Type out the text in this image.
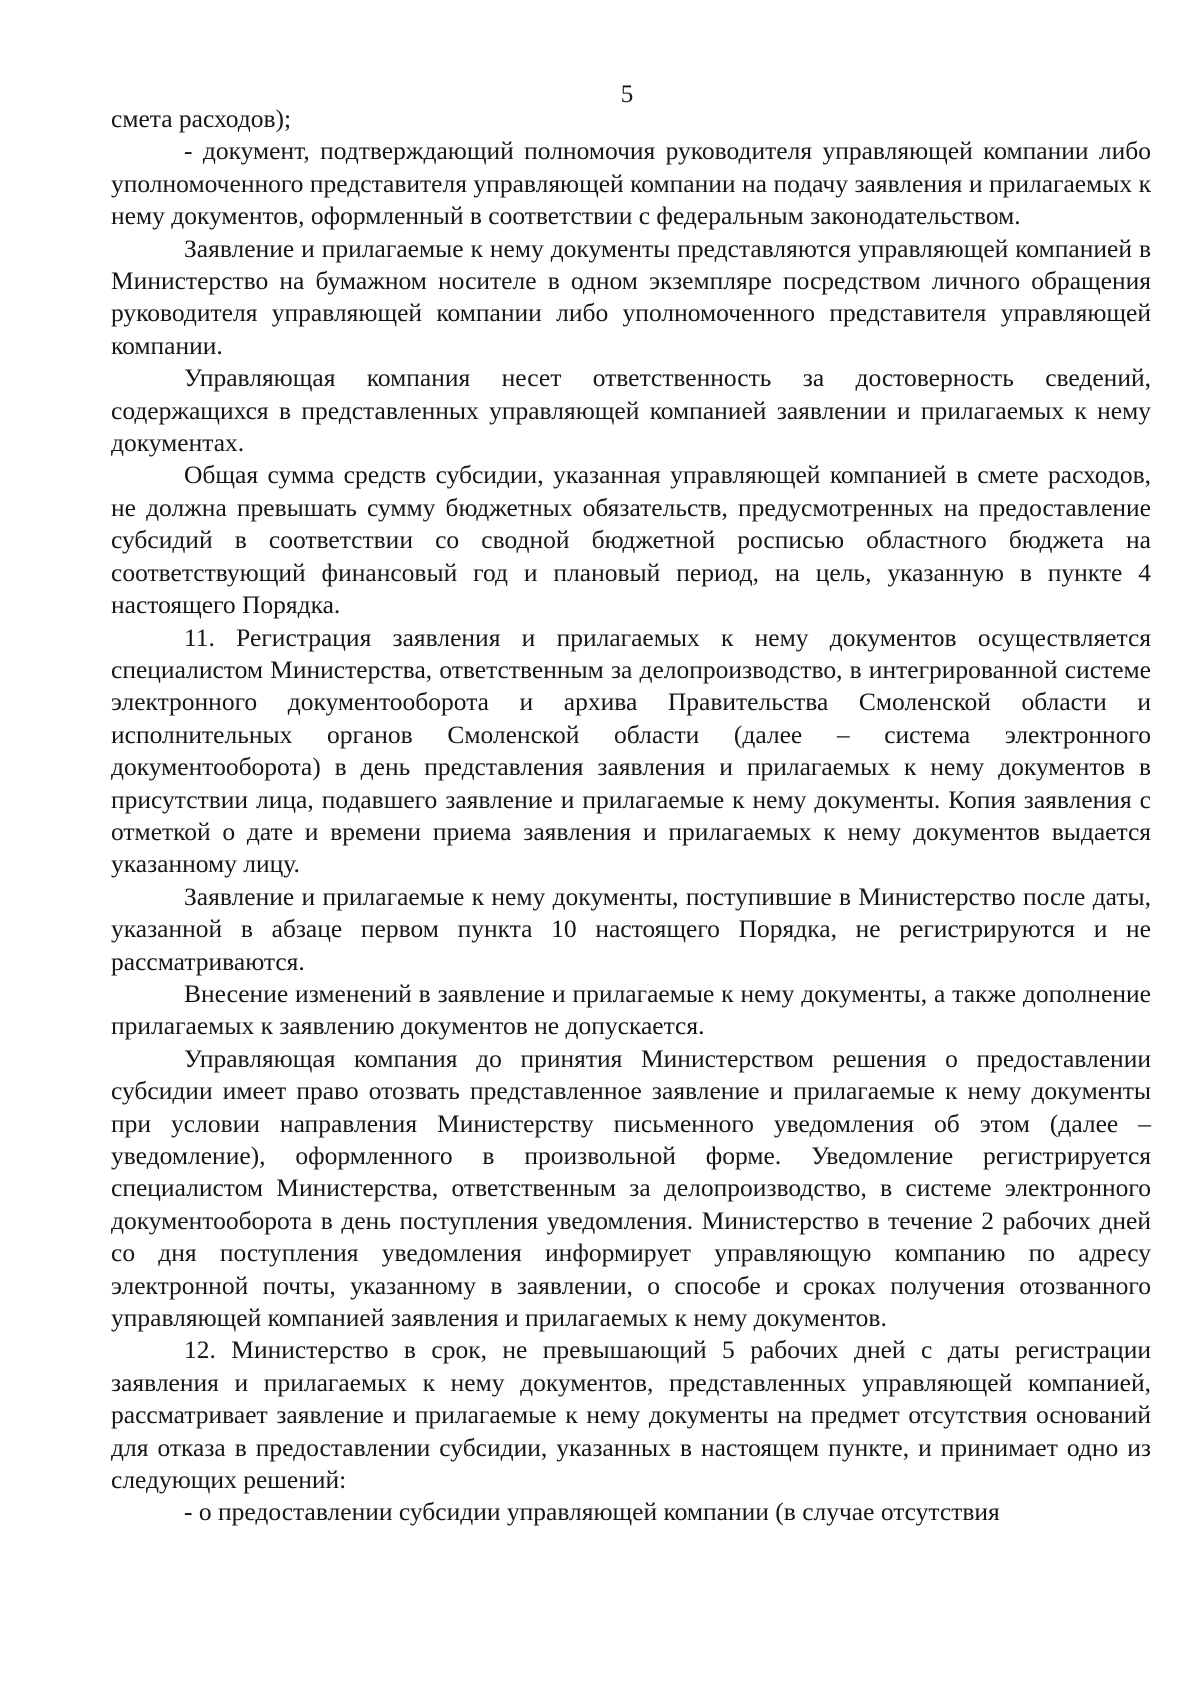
5

смета расходов);

- документ, подтверждающий полномочия руководителя управляющей компании либо уполномоченного представителя управляющей компании на подачу заявления и прилагаемых к нему документов, оформленный в соответствии с федеральным законодательством.

Заявление и прилагаемые к нему документы представляются управляющей компанией в Министерство на бумажном носителе в одном экземпляре посредством личного обращения руководителя управляющей компании либо уполномоченного представителя управляющей компании.

Управляющая компания несет ответственность за достоверность сведений, содержащихся в представленных управляющей компанией заявлении и прилагаемых к нему документах.

Общая сумма средств субсидии, указанная управляющей компанией в смете расходов, не должна превышать сумму бюджетных обязательств, предусмотренных на предоставление субсидий в соответствии со сводной бюджетной росписью областного бюджета на соответствующий финансовый год и плановый период, на цель, указанную в пункте 4 настоящего Порядка.

11. Регистрация заявления и прилагаемых к нему документов осуществляется специалистом Министерства, ответственным за делопроизводство, в интегрированной системе электронного документооборота и архива Правительства Смоленской области и исполнительных органов Смоленской области (далее – система электронного документооборота) в день представления заявления и прилагаемых к нему документов в присутствии лица, подавшего заявление и прилагаемые к нему документы. Копия заявления с отметкой о дате и времени приема заявления и прилагаемых к нему документов выдается указанному лицу.

Заявление и прилагаемые к нему документы, поступившие в Министерство после даты, указанной в абзаце первом пункта 10 настоящего Порядка, не регистрируются и не рассматриваются.

Внесение изменений в заявление и прилагаемые к нему документы, а также дополнение прилагаемых к заявлению документов не допускается.

Управляющая компания до принятия Министерством решения о предоставлении субсидии имеет право отозвать представленное заявление и прилагаемые к нему документы при условии направления Министерству письменного уведомления об этом (далее – уведомление), оформленного в произвольной форме. Уведомление регистрируется специалистом Министерства, ответственным за делопроизводство, в системе электронного документооборота в день поступления уведомления. Министерство в течение 2 рабочих дней со дня поступления уведомления информирует управляющую компанию по адресу электронной почты, указанному в заявлении, о способе и сроках получения отозванного управляющей компанией заявления и прилагаемых к нему документов.

12. Министерство в срок, не превышающий 5 рабочих дней с даты регистрации заявления и прилагаемых к нему документов, представленных управляющей компанией, рассматривает заявление и прилагаемые к нему документы на предмет отсутствия оснований для отказа в предоставлении субсидии, указанных в настоящем пункте, и принимает одно из следующих решений:

- о предоставлении субсидии управляющей компании (в случае отсутствия
